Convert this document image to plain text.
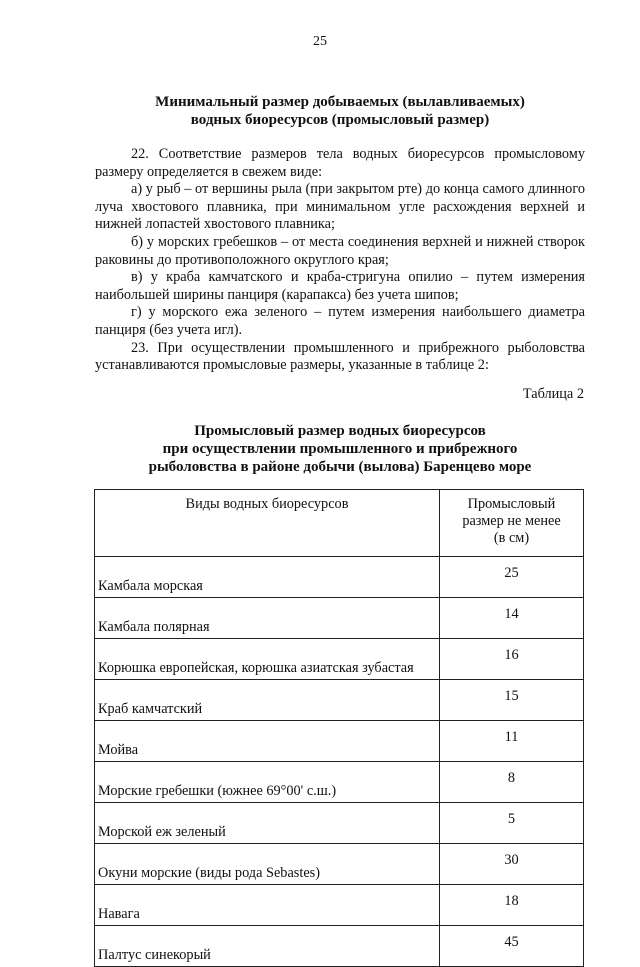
25
Минимальный размер добываемых (вылавливаемых)
водных биоресурсов (промысловый размер)

22. Соответствие размеров тела водных биоресурсов промысловому размеру определяется в свежем виде:

а) у рыб – от вершины рыла (при закрытом рте) до конца самого длинного луча хвостового плавника, при минимальном угле расхождения верхней и нижней лопастей хвостового плавника;

б) у морских гребешков – от места соединения верхней и нижней створок раковины до противоположного округлого края;

в) у краба камчатского и краба-стригуна опилио – путем измерения наибольшей ширины панциря (карапакса) без учета шипов;

г) у морского ежа зеленого – путем измерения наибольшего диаметра панциря (без учета игл).

23. При осуществлении промышленного и прибрежного рыболовства устанавливаются промысловые размеры, указанные в таблице 2:

Таблица 2
Промысловый размер водных биоресурсов
при осуществлении промышленного и прибрежного
рыболовства в районе добычи (вылова) Баренцево море
Виды водных биоресурсов	Промысловый
размер не менее
(в см)

Камбала морская	25
Камбала полярная	14
Корюшка европейская, корюшка азиатская зубастая	16
Краб камчатский	15
Мойва	11
Морские гребешки (южнее 69°00' с.ш.)	8
Морской еж зеленый	5
Окуни морские (виды рода Sebastes)	30
Навага	18
Палтус синекорый	45
